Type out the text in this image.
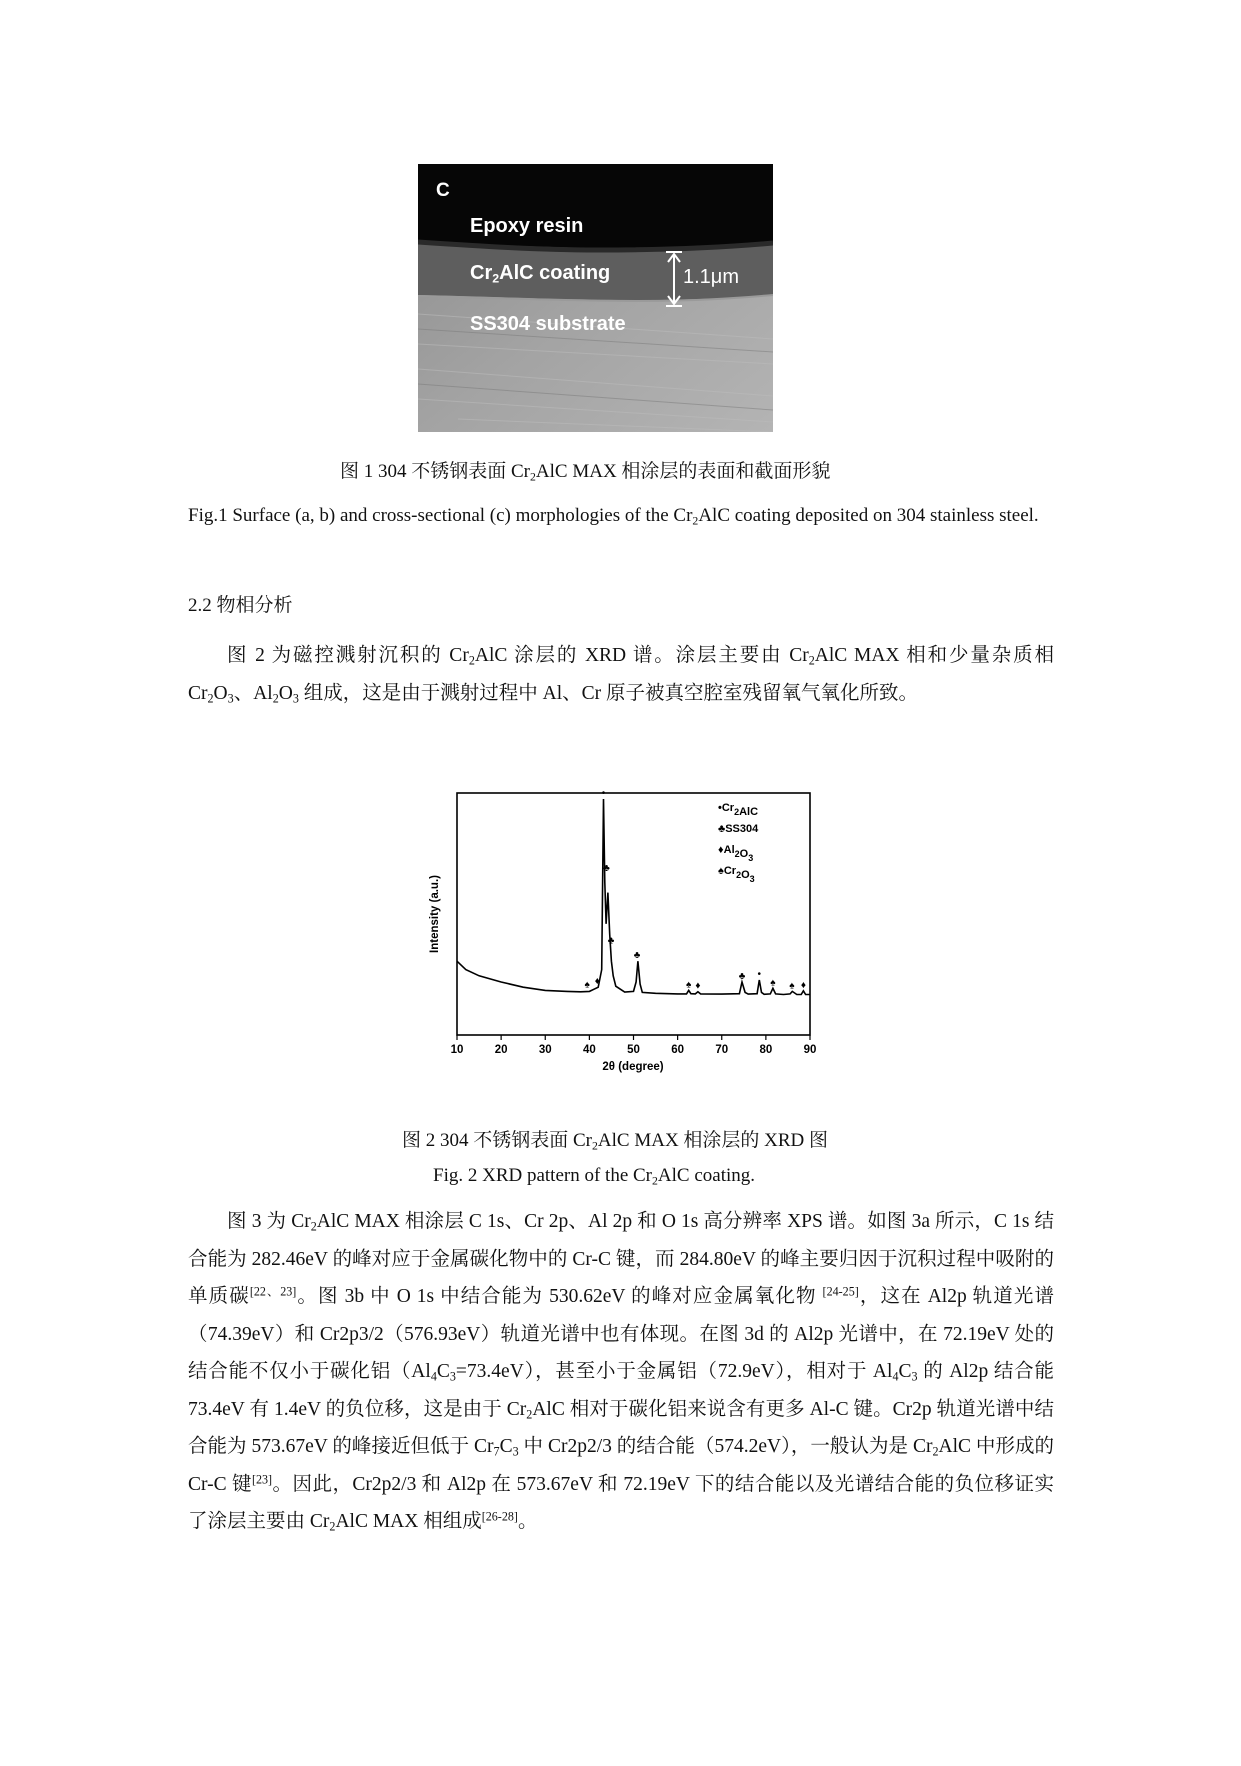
C
Epoxy resin
$Cr_2AlC$ coating
SS304 substrate
1.1μm
图 1 304 不锈钢表面 $Cr_2AlC$ MAX 相涂层的表面和截面形貌
Fig.1 Surface (a, b) and cross-sectional (c) morphologies of the $Cr_2AlC$ coating deposited on 304 stainless steel.
2.2 物相分析
图 2 为磁控溅射沉积的 $Cr_2AlC$ 涂层的 XRD 谱。涂层主要由 $Cr_2AlC$ MAX 相和少量杂质相 $Cr_2O_3$、$Al_2O_3$ 组成，这是由于溅射过程中 Al、Cr 原子被真空腔室残留氧气氧化所致。
10	20	30	40	50	60	70	80	90
•
♣
♣
♣
♦
♠	♠ ♦
♣ •
♠ ♠ ♦
2θ (degree)
Intensity (a.u.)
$•Cr_2AlC$
♣SS304
$♦Al_2O_3$
$♠Cr_2O_3$
图 2 304 不锈钢表面 $Cr_2AlC$ MAX 相涂层的 XRD 图
Fig. 2 XRD pattern of the $Cr_2AlC$ coating.
图 3 为 $Cr_2AlC$ MAX 相涂层 C 1s、Cr 2p、Al 2p 和 O 1s 高分辨率 XPS 谱。如图 3a 所示，C 1s 结合能为 282.46eV 的峰对应于金属碳化物中的 Cr-C 键，而 284.80eV 的峰主要归因于沉积过程中吸附的单质碳[22、23]。图 3b 中 O 1s 中结合能为 530.62eV 的峰对应金属氧化物 [24-25]，这在 Al2p 轨道光谱（74.39eV）和 Cr2p3/2（576.93eV）轨道光谱中也有体现。在图 3d 的 Al2p 光谱中，在 72.19eV 处的结合能不仅小于碳化铝$(Al_4C_3=73.4eV)$，甚至小于金属铝（72.9eV），相对于 $Al_4C_3$ 的 Al2p 结合能 73.4eV 有 1.4eV 的负位移，这是由于 $Cr_2AlC$ 相对于碳化铝来说含有更多 Al-C 键。Cr2p 轨道光谱中结合能为 573.67eV 的峰接近但低于 $Cr_7C_3$ 中 Cr2p2/3 的结合能（574.2eV），一般认为是 $Cr_2AlC$ 中形成的 Cr-C 键[23]。因此，Cr2p2/3 和 Al2p 在 573.67eV 和 72.19eV 下的结合能以及光谱结合能的负位移证实了涂层主要由 $Cr_2AlC$ MAX 相组成[26-28]。
